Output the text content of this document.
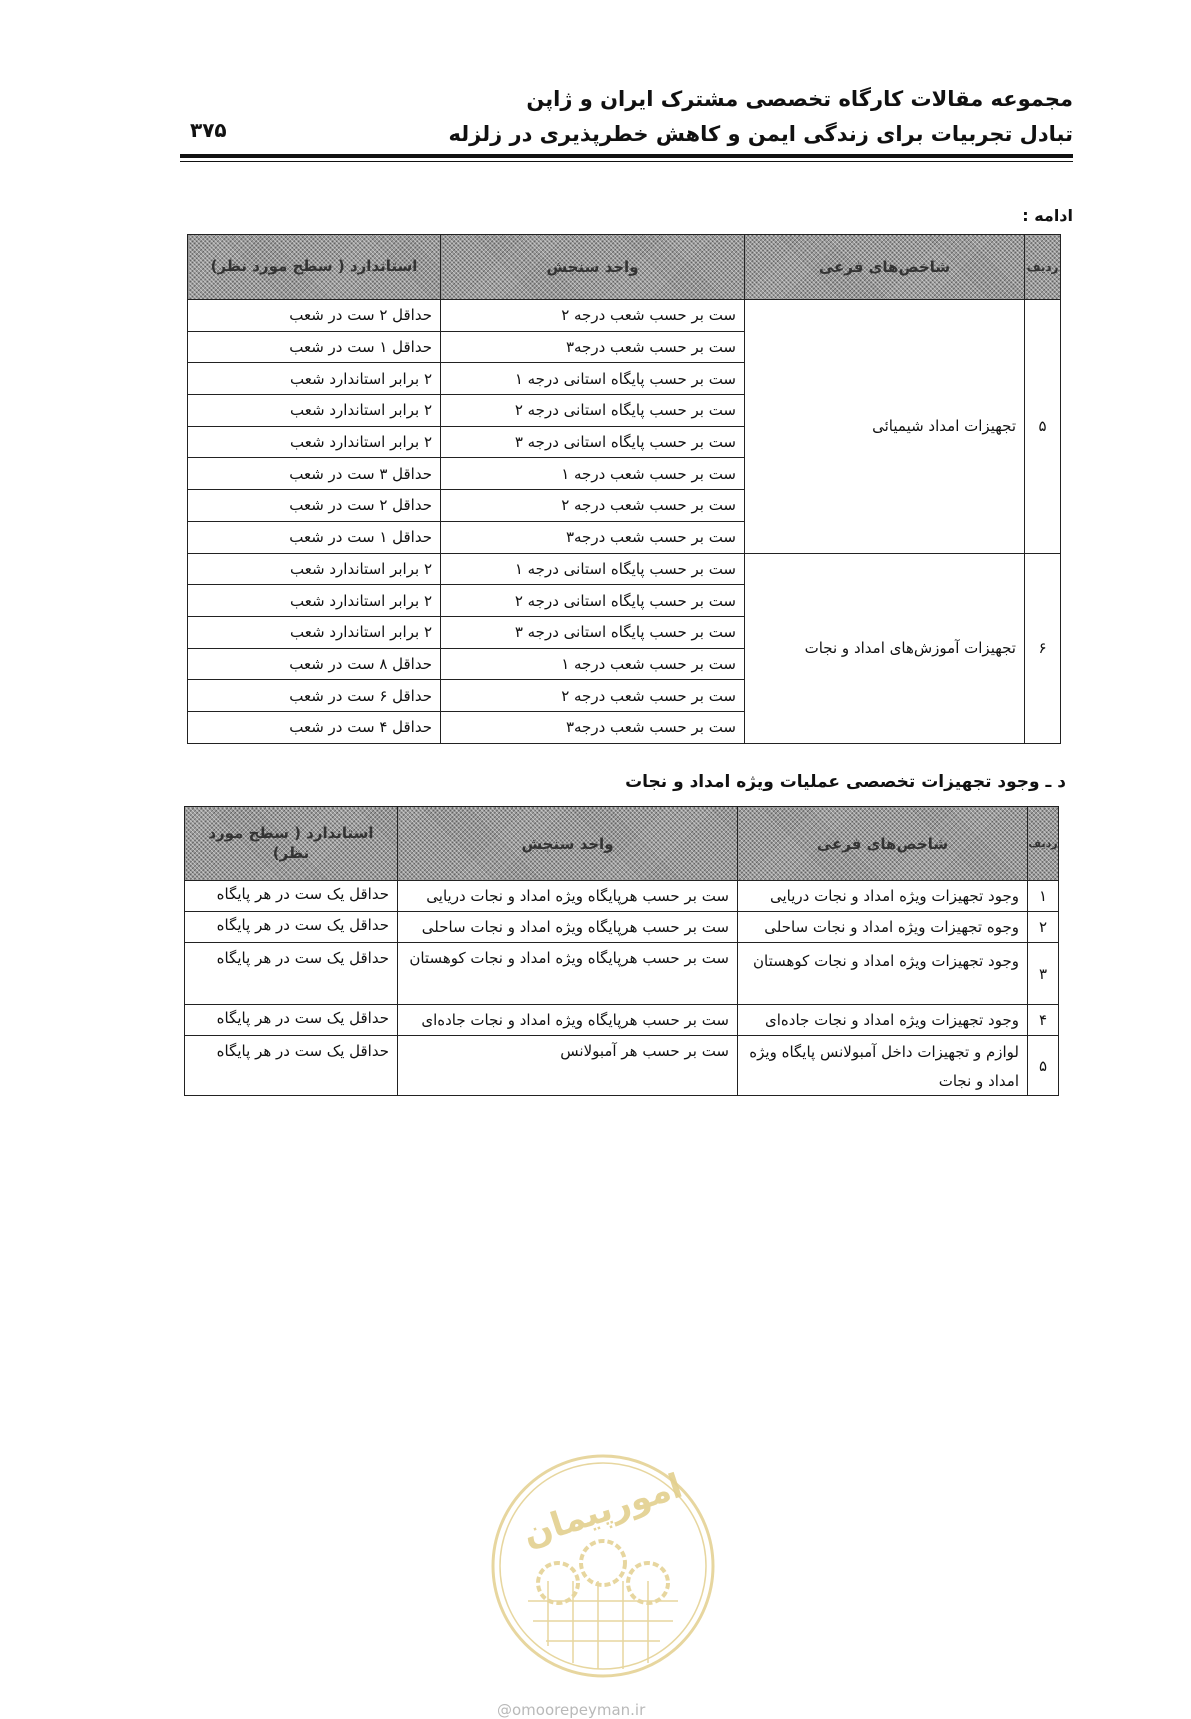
مجموعه مقالات کارگاه تخصصی مشترک ایران و ژاپن
تبادل تجربیات برای زندگی ایمن و کاهش خطرپذیری در زلزله
۳۷۵
ادامه :
ردیف	شاخص‌های فرعی	واحد سنجش	استاندارد ( سطح مورد نظر)
۵	تجهیزات امداد شیمیائی	ست بر حسب شعب درجه ۲	حداقل ۲ ست در شعب
		ست بر حسب شعب درجه۳	حداقل ۱ ست در شعب
		ست بر حسب پایگاه استانی درجه ۱	۲ برابر استاندارد شعب
		ست بر حسب پایگاه استانی درجه ۲	۲ برابر استاندارد شعب
		ست بر حسب پایگاه استانی درجه ۳	۲ برابر استاندارد شعب
		ست بر حسب شعب درجه ۱	حداقل ۳ ست در شعب
		ست بر حسب شعب درجه ۲	حداقل ۲ ست در شعب
		ست بر حسب شعب درجه۳	حداقل ۱ ست در شعب
۶	تجهیزات آموزش‌های امداد و نجات	ست بر حسب پایگاه استانی درجه ۱	۲ برابر استاندارد شعب
		ست بر حسب پایگاه استانی درجه ۲	۲ برابر استاندارد شعب
		ست بر حسب پایگاه استانی درجه ۳	۲ برابر استاندارد شعب
		ست بر حسب شعب درجه ۱	حداقل ۸ ست در شعب
		ست بر حسب شعب درجه ۲	حداقل ۶ ست در شعب
		ست بر حسب شعب درجه۳	حداقل ۴ ست در شعب
د ـ وجود تجهیزات تخصصی عملیات ویژه امداد و نجات
ردیف	شاخص‌های فرعی	واحد سنجش	استاندارد ( سطح مورد نظر)
۱	وجود تجهیزات ویژه امداد و نجات دریایی	ست بر حسب هرپایگاه ویژه امداد و نجات دریایی	حداقل یک ست در هر پایگاه
۲	وجوه تجهیزات ویژه امداد و نجات ساحلی	ست بر حسب هرپایگاه ویژه امداد و نجات ساحلی	حداقل یک ست در هر پایگاه
۳	وجود تجهیزات ویژه امداد و نجات کوهستان	ست بر حسب هرپایگاه ویژه امداد و نجات کوهستان	حداقل یک ست در هر پایگاه
۴	وجود تجهیزات ویژه امداد و نجات جاده‌ای	ست بر حسب هرپایگاه ویژه امداد و نجات جاده‌ای	حداقل یک ست در هر پایگاه
۵	لوازم و تجهیزات داخل آمبولانس پایگاه ویژه امداد و نجات	ست بر حسب هر آمبولانس	حداقل یک ست در هر پایگاه
امورپیمان
@omoorepeyman.ir
